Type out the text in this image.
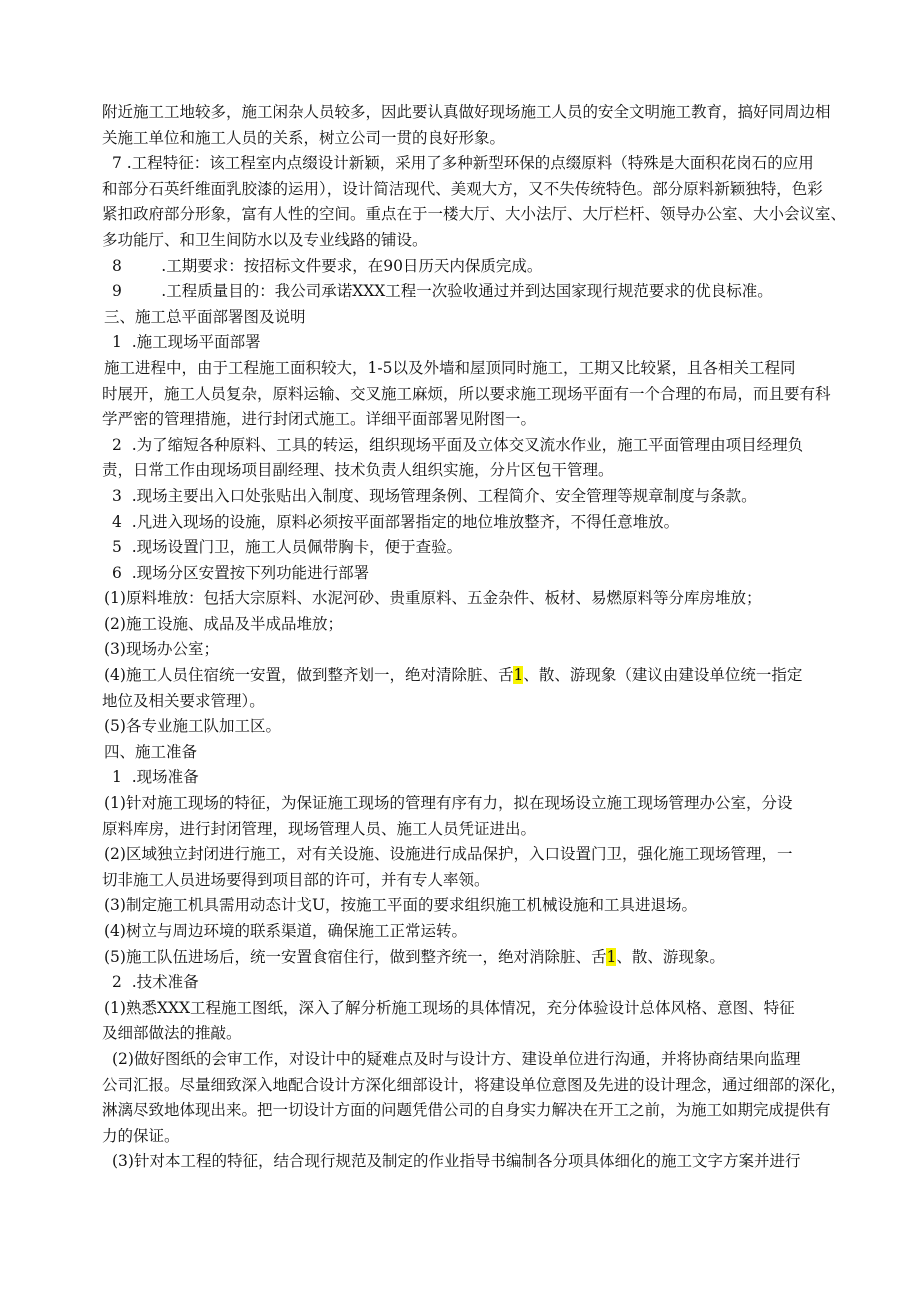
附近施工工地较多，施工闲杂人员较多，因此要认真做好现场施工人员的安全文明施工教育，搞好同周边相
关施工单位和施工人员的关系，树立公司一贯的良好形象。
7 .工程特征：该工程室内点缀设计新颖，采用了多种新型环保的点缀原料（特殊是大面积花岗石的应用
和部分石英纤维面乳胶漆的运用），设计简洁现代、美观大方，又不失传统特色。部分原料新颖独特，色彩
紧扣政府部分形象，富有人性的空间。重点在于一楼大厅、大小法厅、大厅栏杆、领导办公室、大小会议室、
多功能厅、和卫生间防水以及专业线路的铺设。
8        .工期要求：按招标文件要求，在90日历天内保质完成。
9        .工程质量目的：我公司承诺XXX工程一次验收通过并到达国家现行规范要求的优良标准。
三、施工总平面部署图及说明
1  .施工现场平面部署
施工进程中，由于工程施工面积较大，1-5以及外墙和屋顶同时施工，工期又比较紧，且各相关工程同
时展开，施工人员复杂，原料运输、交叉施工麻烦，所以要求施工现场平面有一个合理的布局，而且要有科
学严密的管理措施，进行封闭式施工。详细平面部署见附图一。
2  .为了缩短各种原料、工具的转运，组织现场平面及立体交叉流水作业，施工平面管理由项目经理负
责，日常工作由现场项目副经理、技术负责人组织实施，分片区包干管理。
3  .现场主要出入口处张贴出入制度、现场管理条例、工程简介、安全管理等规章制度与条款。
4  .凡进入现场的设施，原料必须按平面部署指定的地位堆放整齐，不得任意堆放。
5  .现场设置门卫，施工人员佩带胸卡，便于查验。
6  .现场分区安置按下列功能进行部署
(1)原料堆放：包括大宗原料、水泥河砂、贵重原料、五金杂件、板材、易燃原料等分库房堆放；
(2)施工设施、成品及半成品堆放；
(3)现场办公室；
(4)施工人员住宿统一安置，做到整齐划一，绝对清除脏、舌1、散、游现象（建议由建设单位统一指定
地位及相关要求管理）。
(5)各专业施工队加工区。
四、施工准备
1  .现场准备
(1)针对施工现场的特征，为保证施工现场的管理有序有力，拟在现场设立施工现场管理办公室，分设
原料库房，进行封闭管理，现场管理人员、施工人员凭证进出。
(2)区域独立封闭进行施工，对有关设施、设施进行成品保护，入口设置门卫，强化施工现场管理，一
切非施工人员进场要得到项目部的许可，并有专人率领。
(3)制定施工机具需用动态计戈U，按施工平面的要求组织施工机械设施和工具进退场。
(4)树立与周边环境的联系渠道，确保施工正常运转。
(5)施工队伍进场后，统一安置食宿住行，做到整齐统一，绝对消除脏、舌1、散、游现象。
2  .技术准备
(1)熟悉XXX工程施工图纸，深入了解分析施工现场的具体情况，充分体验设计总体风格、意图、特征
及细部做法的推敲。
(2)做好图纸的会审工作，对设计中的疑难点及时与设计方、建设单位进行沟通，并将协商结果向监理
公司汇报。尽量细致深入地配合设计方深化细部设计，将建设单位意图及先进的设计理念，通过细部的深化，
淋漓尽致地体现出来。把一切设计方面的问题凭借公司的自身实力解决在开工之前，为施工如期完成提供有
力的保证。
(3)针对本工程的特征，结合现行规范及制定的作业指导书编制各分项具体细化的施工文字方案并进行
